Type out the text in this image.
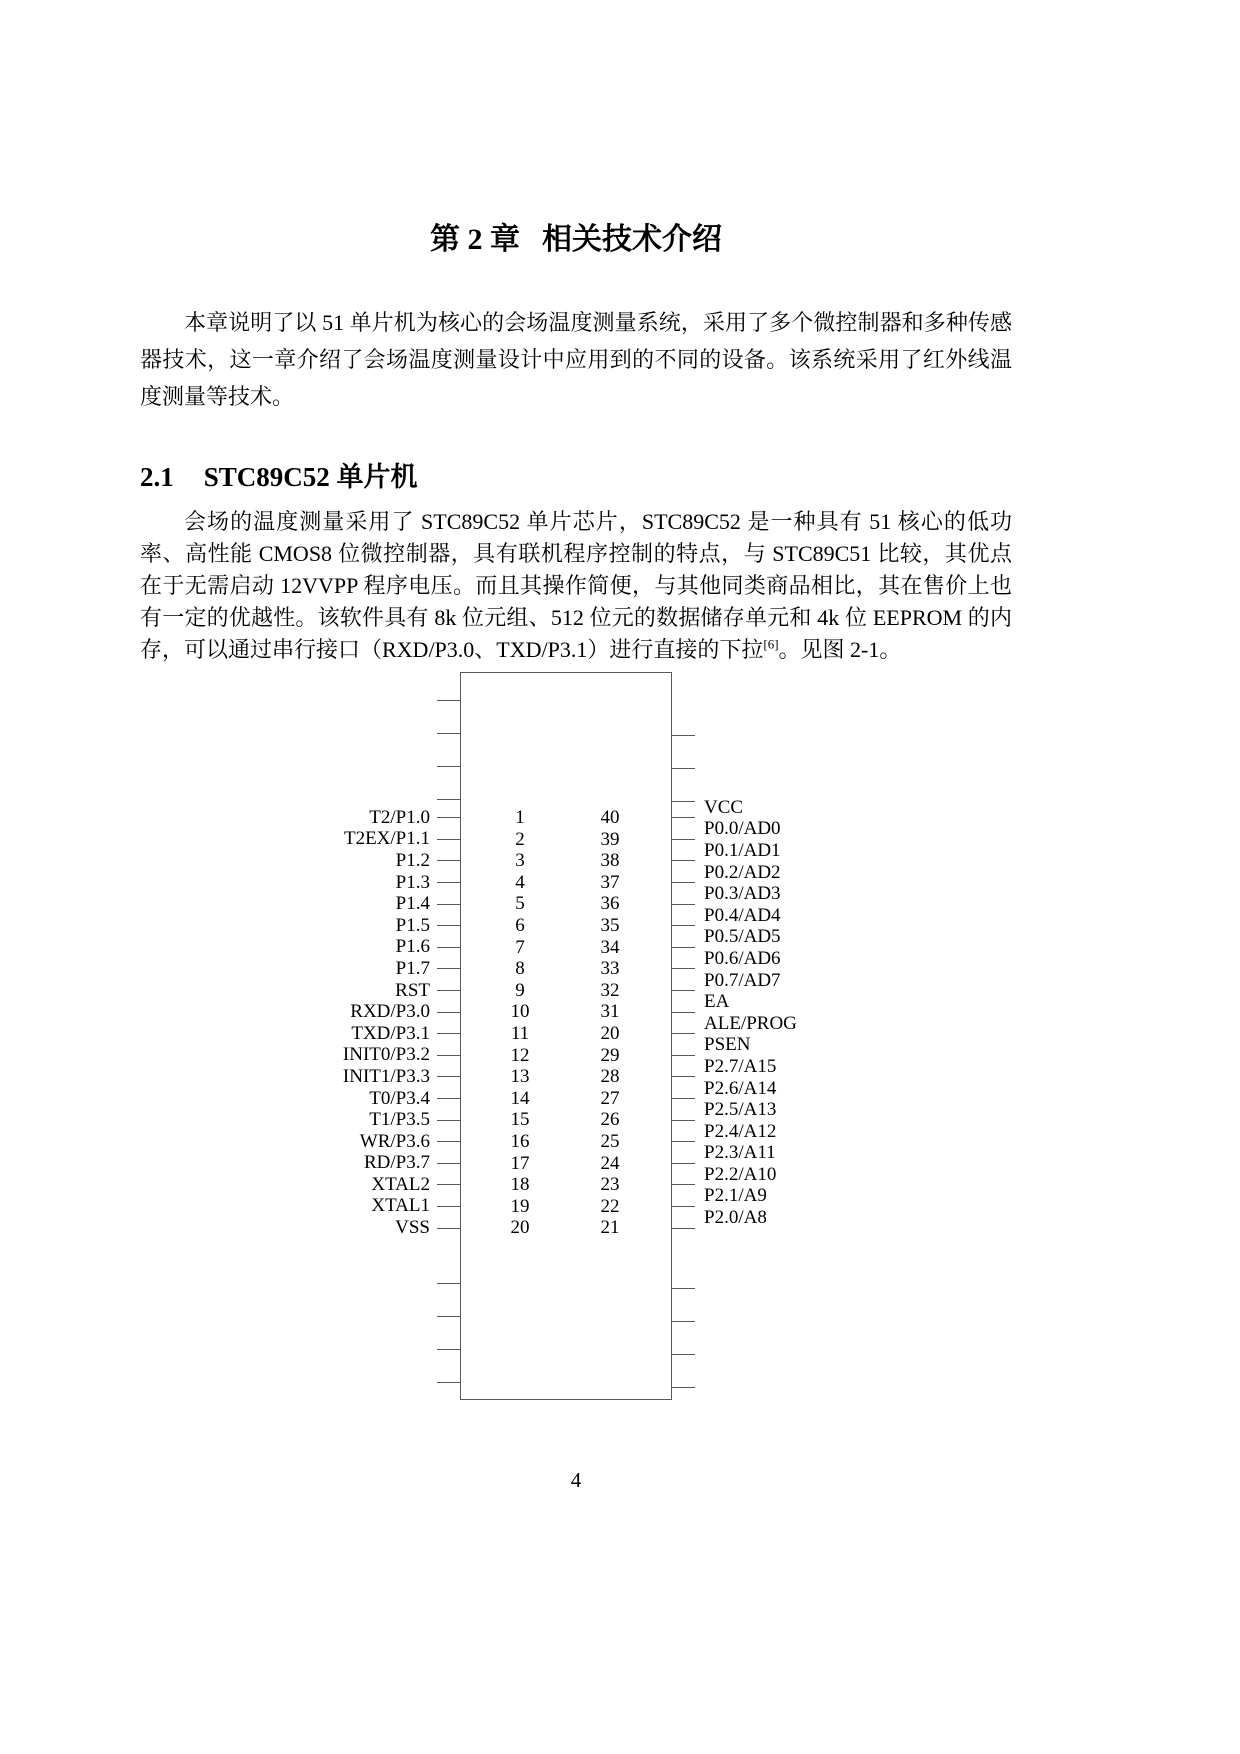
第 2 章 相关技术介绍

本章说明了以 51 单片机为核心的会场温度测量系统，采用了多个微控制器和多种传感器技术，这一章介绍了会场温度测量设计中应用到的不同的设备。该系统采用了红外线温度测量等技术。

2.1 STC89C52 单片机

会场的温度测量采用了 STC89C52 单片芯片，STC89C52 是一种具有 51 核心的低功率、高性能 CMOS8 位微控制器，具有联机程序控制的特点，与 STC89C51 比较，其优点在于无需启动 12VVPP 程序电压。而且其操作简便，与其他同类商品相比，其在售价上也有一定的优越性。该软件具有 8k 位元组、512 位元的数据储存单元和 4k 位 EEPROM 的内存，可以通过串行接口（RXD/P3.0、TXD/P3.1）进行直接的下拉[6]。见图 2-1。

T2/P1.0
T2EX/P1.1
P1.2
P1.3
P1.4
P1.5
P1.6
P1.7
RST
RXD/P3.0
TXD/P3.1
INIT0/P3.2
INIT1/P3.3
T0/P3.4
T1/P3.5
WR/P3.6
RD/P3.7
XTAL2
XTAL1
VSS
VCC
P0.0/AD0
P0.1/AD1
P0.2/AD2
P0.3/AD3
P0.4/AD4
P0.5/AD5
P0.6/AD6
P0.7/AD7
EA
ALE/PROG
PSEN
P2.7/A15
P2.6/A14
P2.5/A13
P2.4/A12
P2.3/A11
P2.2/A10
P2.1/A9
P2.0/A8
1
2
3
4
5
6
7
8
9
10
11
12
13
14
15
16
17
18
19
20
40
39
38
37
36
35
34
33
32
31
20
29
28
27
26
25
24
23
22
21
4
